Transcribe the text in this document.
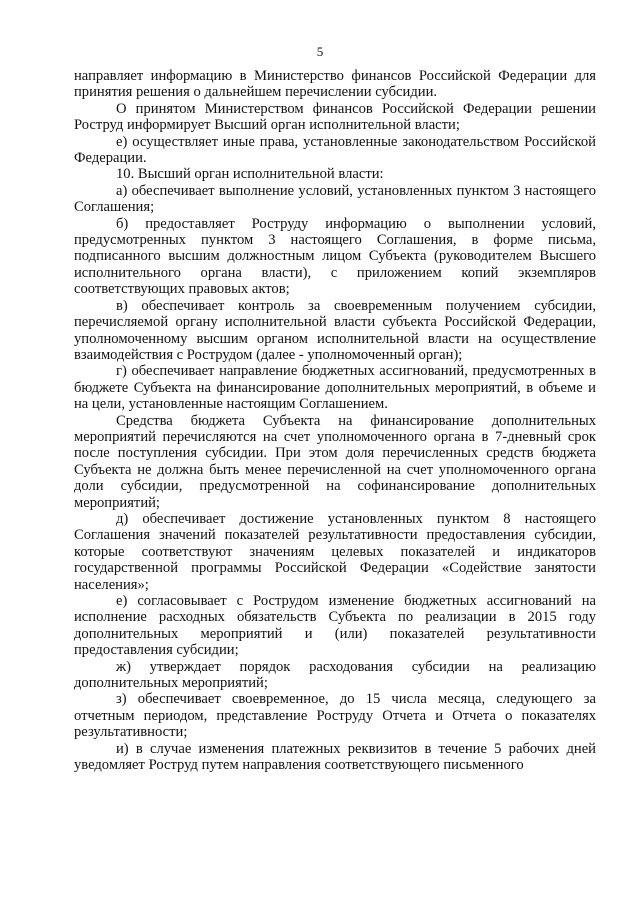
5

направляет информацию в Министерство финансов Российской Федерации для принятия решения о дальнейшем перечислении субсидии.

О принятом Министерством финансов Российской Федерации решении Роструд информирует Высший орган исполнительной власти;

е) осуществляет иные права, установленные законодательством Российской Федерации.

10. Высший орган исполнительной власти:

а) обеспечивает выполнение условий, установленных пунктом 3 настоящего Соглашения;

б) предоставляет Роструду информацию о выполнении условий, предусмотренных пунктом 3 настоящего Соглашения, в форме письма, подписанного высшим должностным лицом Субъекта (руководителем Высшего исполнительного органа власти), с приложением копий экземпляров соответствующих правовых актов;

в) обеспечивает контроль за своевременным получением субсидии, перечисляемой органу исполнительной власти субъекта Российской Федерации, уполномоченному высшим органом исполнительной власти на осуществление взаимодействия с Рострудом (далее - уполномоченный орган);

г) обеспечивает направление бюджетных ассигнований, предусмотренных в бюджете Субъекта на финансирование дополнительных мероприятий, в объеме и на цели, установленные настоящим Соглашением.

Средства бюджета Субъекта на финансирование дополнительных мероприятий перечисляются на счет уполномоченного органа в 7-дневный срок после поступления субсидии. При этом доля перечисленных средств бюджета Субъекта не должна быть менее перечисленной на счет уполномоченного органа доли субсидии, предусмотренной на софинансирование дополнительных мероприятий;

д) обеспечивает достижение установленных пунктом 8 настоящего Соглашения значений показателей результативности предоставления субсидии, которые соответствуют значениям целевых показателей и индикаторов государственной программы Российской Федерации «Содействие занятости населения»;

е) согласовывает с Рострудом изменение бюджетных ассигнований на исполнение расходных обязательств Субъекта по реализации в 2015 году дополнительных мероприятий и (или) показателей результативности предоставления субсидии;

ж) утверждает порядок расходования субсидии на реализацию дополнительных мероприятий;

з) обеспечивает своевременное, до 15 числа месяца, следующего за отчетным периодом, представление Роструду Отчета и Отчета о показателях результативности;

и) в случае изменения платежных реквизитов в течение 5 рабочих дней уведомляет Роструд путем направления соответствующего письменного
